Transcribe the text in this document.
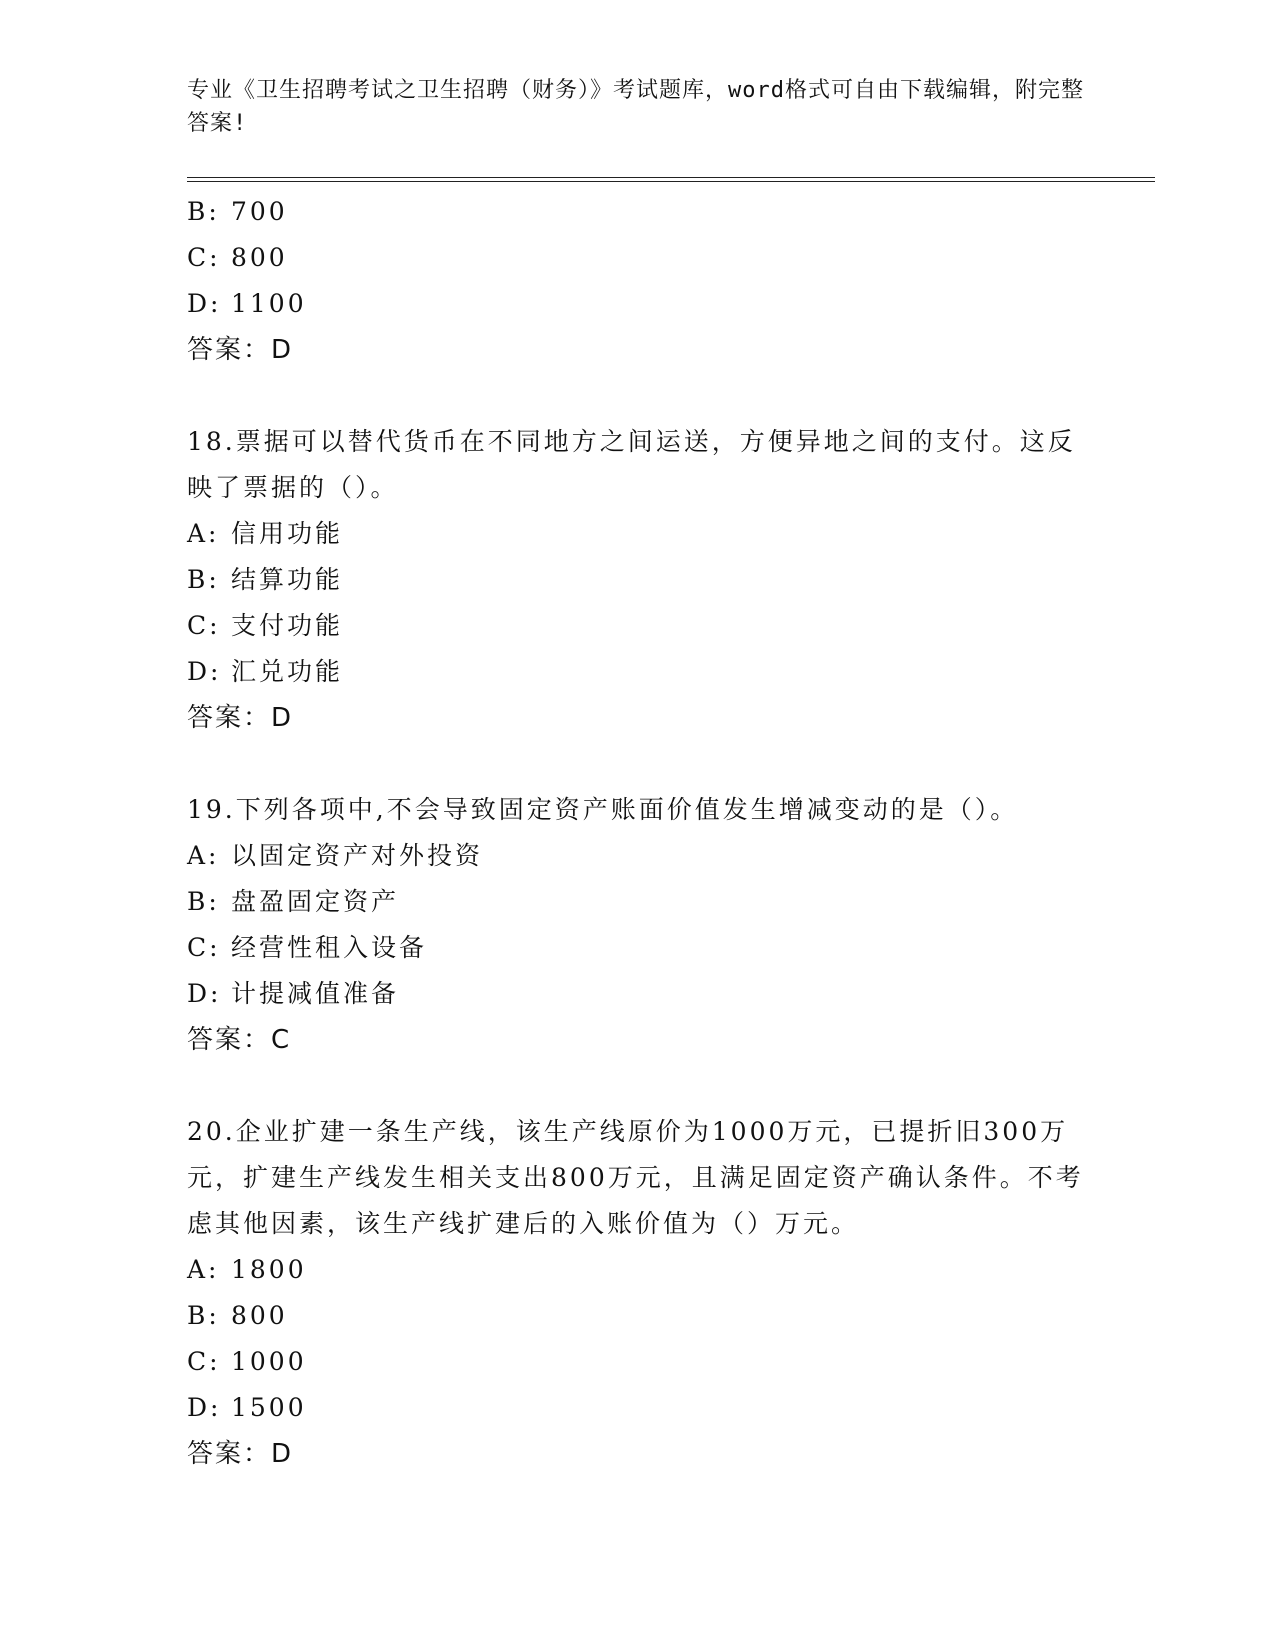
专业《卫生招聘考试之卫生招聘（财务）》考试题库，word格式可自由下载编辑，附完整答案!
B: 700
C: 800
D: 1100
答案：D
18.票据可以替代货币在不同地方之间运送，方便异地之间的支付。这反映了票据的（）。
A: 信用功能
B: 结算功能
C: 支付功能
D: 汇兑功能
答案：D
19.下列各项中,不会导致固定资产账面价值发生增减变动的是（）。
A: 以固定资产对外投资
B: 盘盈固定资产
C: 经营性租入设备
D: 计提减值准备
答案：C
20.企业扩建一条生产线，该生产线原价为1000万元，已提折旧300万元，扩建生产线发生相关支出800万元，且满足固定资产确认条件。不考虑其他因素，该生产线扩建后的入账价值为（）万元。
A: 1800
B: 800
C: 1000
D: 1500
答案：D
